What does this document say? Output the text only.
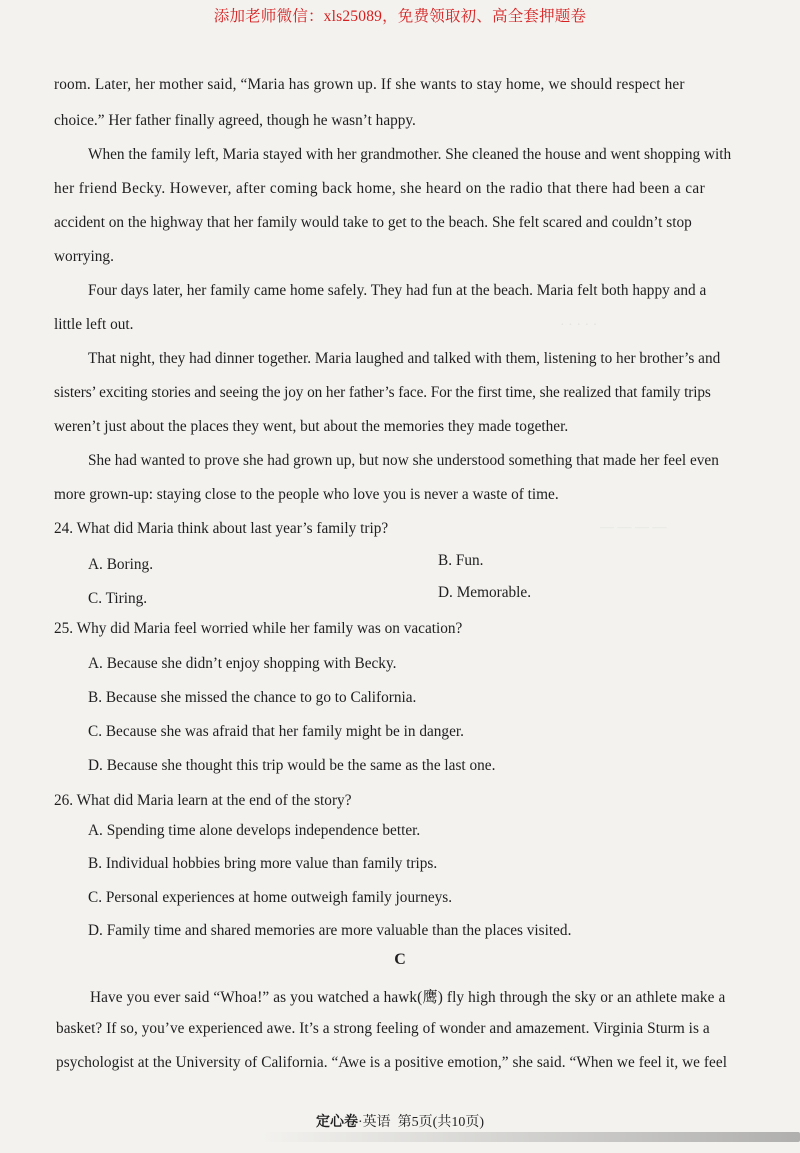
添加老师微信：xls25089，免费领取初、高全套押题卷
· · · · ·
— — — —
room. Later, her mother said, “Maria has grown up. If she wants to stay home, we should respect her
choice.” Her father finally agreed, though he wasn’t happy.
When the family left, Maria stayed with her grandmother. She cleaned the house and went shopping with
her friend Becky. However, after coming back home, she heard on the radio that there had been a car
accident on the highway that her family would take to get to the beach. She felt scared and couldn’t stop
worrying.
Four days later, her family came home safely. They had fun at the beach. Maria felt both happy and a
little left out.
That night, they had dinner together. Maria laughed and talked with them, listening to her brother’s and
sisters’ exciting stories and seeing the joy on her father’s face. For the first time, she realized that family trips
weren’t just about the places they went, but about the memories they made together.
She had wanted to prove she had grown up, but now she understood something that made her feel even
more grown-up: staying close to the people who love you is never a waste of time.
24. What did Maria think about last year’s family trip?
A. Boring.	B. Fun.
C. Tiring.	D. Memorable.
25. Why did Maria feel worried while her family was on vacation?
A. Because she didn’t enjoy shopping with Becky.
B. Because she missed the chance to go to California.
C. Because she was afraid that her family might be in danger.
D. Because she thought this trip would be the same as the last one.
26. What did Maria learn at the end of the story?
A. Spending time alone develops independence better.
B. Individual hobbies bring more value than family trips.
C. Personal experiences at home outweigh family journeys.
D. Family time and shared memories are more valuable than the places visited.
C
Have you ever said “Whoa!” as you watched a hawk(鹰) fly high through the sky or an athlete make a
basket? If so, you’ve experienced awe. It’s a strong feeling of wonder and amazement. Virginia Sturm is a
psychologist at the University of California. “Awe is a positive emotion,” she said. “When we feel it, we feel
定心卷·英语 第5页(共10页)
